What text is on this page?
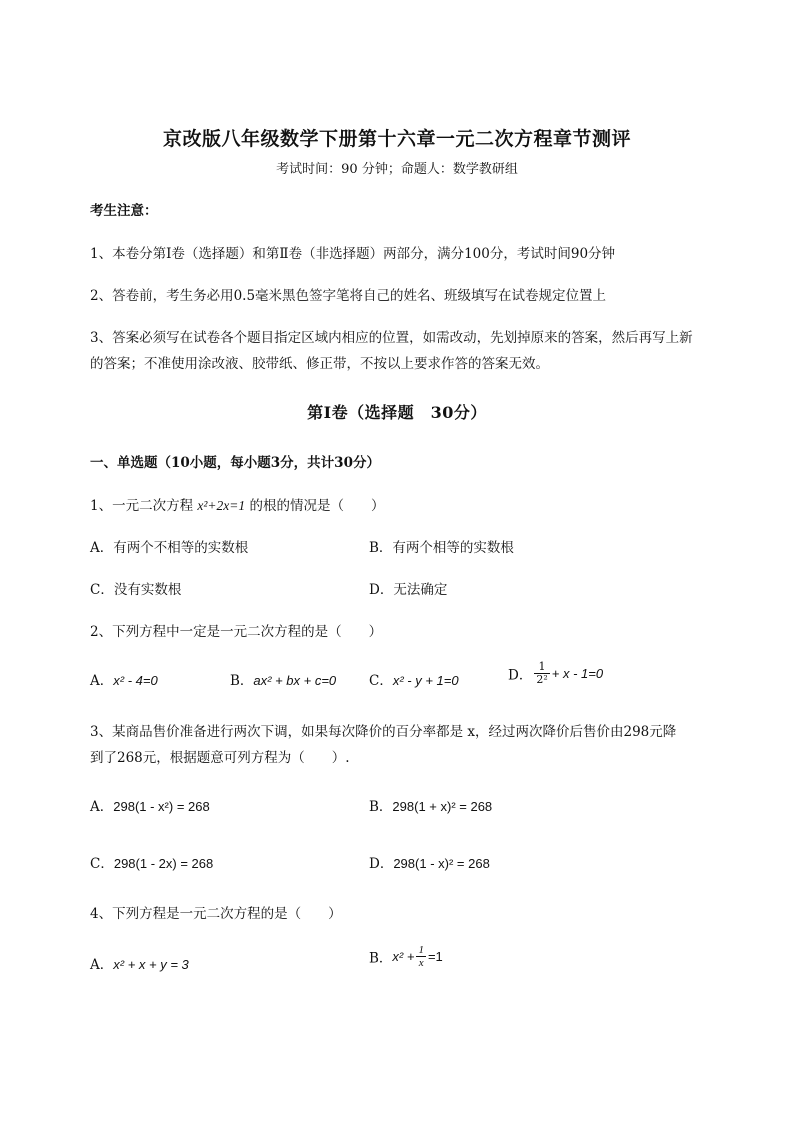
京改版八年级数学下册第十六章一元二次方程章节测评
考试时间：90 分钟；命题人：数学教研组
考生注意：
1、本卷分第Ⅰ卷（选择题）和第Ⅱ卷（非选择题）两部分，满分100分，考试时间90分钟
2、答卷前，考生务必用0.5毫米黑色签字笔将自己的姓名、班级填写在试卷规定位置上
3、答案必须写在试卷各个题目指定区域内相应的位置，如需改动，先划掉原来的答案，然后再写上新
的答案；不准使用涂改液、胶带纸、修正带，不按以上要求作答的答案无效。
第Ⅰ卷（选择题　30分）
一、单选题（10小题，每小题3分，共计30分）
1、一元二次方程 x²+2x=1 的根的情况是（　　）
A．有两个不相等的实数根	B．有两个相等的实数根
C．没有实数根	D．无法确定
2、下列方程中一定是一元二次方程的是（　　）
A．x² - 4=0	B．ax² + bx + c=0 C．x² - y + 1=0	D． $\frac{1}{\text{2²}} + x - 1=0$
3、某商品售价准备进行两次下调，如果每次降价的百分率都是 x，经过两次降价后售价由298元降
到了268元，根据题意可列方程为（　　）.
A．298(1 - x²) = 268	B．298(1 + x)² = 268
C．298(1 - 2x) = 268	D．298(1 - x)² = 268
4、下列方程是一元二次方程的是（　　）
A．x² + x + y = 3	B．$x^2 + \frac{1}{x} =1$
